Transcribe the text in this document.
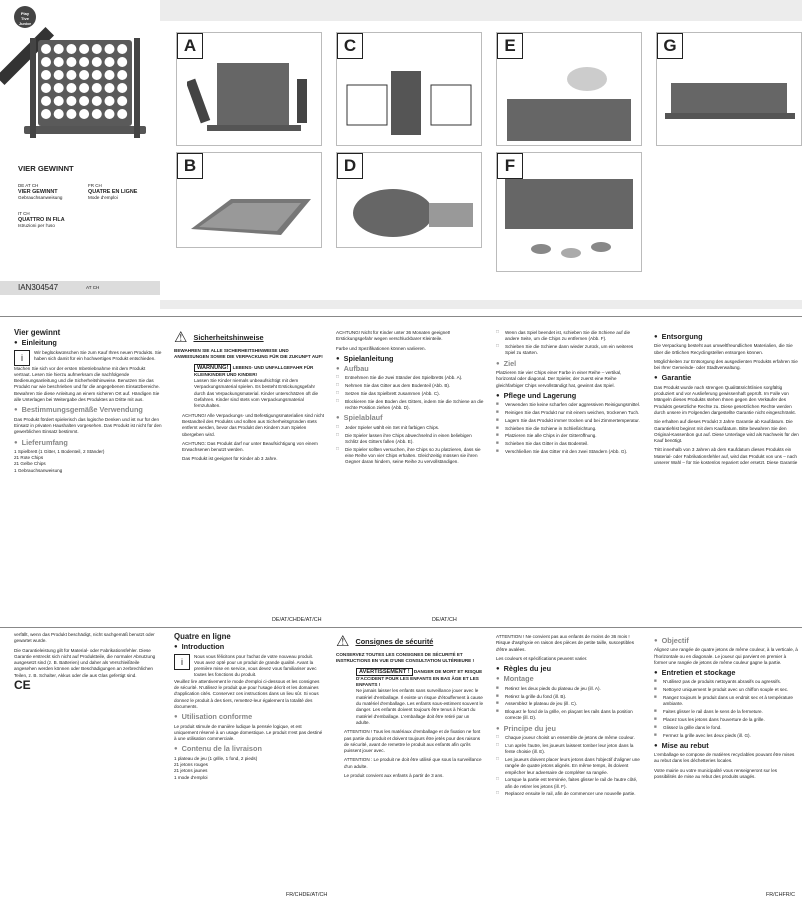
Play
Tive
Junior
VIER GEWINNT
DE AT CH
VIER GEWINNT
Gebrauchsanweisung
FR CH
QUATRE EN LIGNE
Mode d'emploi
IT CH
QUATTRO IN FILA
Istruzioni per l'uso
IAN304547	AT CH
A
B
C
D
E
F
G
Vier gewinnt
● Einleitung
i
Wir beglückwünschen Sie zum Kauf Ihres neuen Produkts. Sie haben sich damit für ein hochwertiges Produkt entschieden.

Machen Sie sich vor der ersten Inbetriebnahme mit dem Produkt vertraut. Lesen Sie hierzu aufmerksam die nachfolgende Bedienungsanleitung und die Sicherheitshinweise. Benutzen Sie das Produkt nur wie beschrieben und für die angegebenen Einsatzbereiche. Bewahren Sie diese Anleitung an einem sicheren Ort auf. Händigen Sie alle Unterlagen bei Weitergabe des Produktes an Dritte mit aus.

● Bestimmungsgemäße Verwendung

Das Produkt fördert spielerisch das logische Denken und ist nur für den Einsatz in privaten Haushalten vorgesehen. Das Produkt ist nicht für den gewerblichen Einsatz bestimmt.

● Lieferumfang
1 Spielbrett (1 Gitter, 1 Bodenteil, 2 Ständer)
21 Rote Chips
21 Gelbe Chips
1 Gebrauchsanweisung
⚠ Sicherheitshinweise

BEWAHREN SIE ALLE SICHERHEITSHINWEISE UND ANWEISUNGEN SOWIE DIE VERPACKUNG FÜR DIE ZUKUNFT AUF!

WARNUNG! LEBENS- UND UNFALLGEFAHR FÜR KLEINKINDER UND KINDER!

Lassen Sie Kinder niemals unbeaufsichtigt mit dem Verpackungsmaterial spielen. Es besteht Erstickungsgefahr durch das Verpackungsmaterial. Kinder unterschätzen oft die Gefahren. Kinder sind stets vom Verpackungsmaterial fernzuhalten.

ACHTUNG! Alle Verpackungs- und Befestigungsmaterialien sind nicht Bestandteil des Produkts und sollten aus Sicherheitsgründen stets entfernt werden, bevor das Produkt den Kindern zum Spielen übergeben wird.

ACHTUNG: Das Produkt darf nur unter Beaufsichtigung von einem Erwachsenen benutzt werden.

Das Produkt ist geeignet für Kinder ab 3 Jahre.

ACHTUNG! Nicht für Kinder unter 36 Monaten geeignet! Erstickungsgefahr wegen verschluckbarer Kleinteile.

Farbe und Spezifikationen können variieren.

● Spielanleitung
● Aufbau
□ Entnehmen Sie die zwei Ständer des Spielbretts (Abb. A).
□ Nehmen Sie das Gitter aus dem Bodenteil (Abb. B).
□ Setzen Sie das Spielbrett zusammen (Abb. C).
□ Blockieren Sie den Boden des Gitters, indem Sie die Schiene an die rechte Position ziehen (Abb. D).
● Spielablauf
□ Jeder Spieler wählt ein Set mit farbigen Chips.
□ Die Spieler lassen ihre Chips abwechselnd in einen beliebigen Schlitz des Gitters fallen (Abb. E).
□ Die Spieler sollten versuchen, ihre Chips so zu platzieren, dass sie eine Reihe von vier Chips erhalten. Gleichzeitig müssen sie ihren Gegner daran hindern, seine Reihe zu vervollständigen.
□ Wenn das Spiel beendet ist, schieben Sie die Schiene auf die andere Seite, um die Chips zu entfernen (Abb. F).
□ Schieben Sie die Schiene dann wieder zurück, um ein weiteres Spiel zu starten.
● Ziel

Platzieren Sie vier Chips einer Farbe in einer Reihe – vertikal, horizontal oder diagonal. Der Spieler, der zuerst eine Reihe gleichfarbiger Chips vervollständigt hat, gewinnt das Spiel.

● Pflege und Lagerung
■ Verwenden Sie keine scharfen oder aggressiven Reinigungsmittel.
■ Reinigen Sie das Produkt nur mit einem weichen, trockenen Tuch.
■ Lagern Sie das Produkt immer trocken und bei Zimmertemperatur.
■ Schieben Sie die Schiene in Schließrichtung.
■ Platzieren Sie alle Chips in der Gitteröffnung.
■ Schieben Sie das Gitter in das Bodenteil.
■ Verschließen Sie das Gitter mit den zwei Ständern (Abb. G).
● Entsorgung

Die Verpackung besteht aus umweltfreundlichen Materialien, die Sie über die örtlichen Recyclingstellen entsorgen können.

Möglichkeiten zur Entsorgung des ausgedienten Produkts erfahren Sie bei Ihrer Gemeinde- oder Stadtverwaltung.

● Garantie

Das Produkt wurde nach strengen Qualitätsrichtlinien sorgfältig produziert und vor Auslieferung gewissenhaft geprüft. Im Falle von Mängeln dieses Produkts stehen Ihnen gegen den Verkäufer des Produkts gesetzliche Rechte zu. Diese gesetzlichen Rechte werden durch unsere im Folgenden dargestellte Garantie nicht eingeschränkt.

Sie erhalten auf dieses Produkt 3 Jahre Garantie ab Kaufdatum. Die Garantiefrist beginnt mit dem Kaufdatum. Bitte bewahren Sie den Original-Kassenbon gut auf. Diese Unterlage wird als Nachweis für den Kauf benötigt.

Tritt innerhalb von 3 Jahren ab dem Kaufdatum dieses Produkts ein Material- oder Fabrikationsfehler auf, wird das Produkt von uns – nach unserer Wahl – für Sie kostenlos repariert oder ersetzt. Diese Garantie

DE/AT/CHDE/AT/CH	DE/AT/CH

verfällt, wenn das Produkt beschädigt, nicht sachgemäß benutzt oder gewartet wurde.

Die Garantieleistung gilt für Material- oder Fabrikationsfehler. Diese Garantie erstreckt sich nicht auf Produktteile, die normaler Abnutzung ausgesetzt sind (z. B. Batterien) und daher als Verschleißteile angesehen werden können oder Beschädigungen an zerbrechlichen Teilen, z. B. Schalter, Akkus oder die aus Glas gefertigt sind.

CE
Quatre en ligne
● Introduction
i
Nous vous félicitons pour l'achat de votre nouveau produit. Vous avez opté pour un produit de grande qualité. Avant la première mise en service, vous devez vous familiariser avec toutes les fonctions du produit.

Veuillez lire attentivement le mode d'emploi ci-dessous et les consignes de sécurité. N'utilisez le produit que pour l'usage décrit et les domaines d'application cités. Conservez ces instructions dans un lieu sûr. Si vous donnez le produit à des tiers, remettez-leur également la totalité des documents.

● Utilisation conforme

Le produit stimule de manière ludique la pensée logique, et est uniquement réservé à un usage domestique. Le produit n'est pas destiné à une utilisation commerciale.

● Contenu de la livraison
1 plateau de jeu (1 grille, 1 fond, 2 pieds)
21 jetons rouges
21 jetons jaunes
1 mode d'emploi
⚠ Consignes de sécurité

CONSERVEZ TOUTES LES CONSIGNES DE SÉCURITÉ ET INSTRUCTIONS EN VUE D'UNE CONSULTATION ULTÉRIEURE !

AVERTISSEMENT ! DANGER DE MORT ET RISQUE D'ACCIDENT POUR LES ENFANTS EN BAS ÂGE ET LES ENFANTS !

Ne jamais laisser les enfants sans surveillance jouer avec le matériel d'emballage. Il existe un risque d'étouffement à cause du matériel d'emballage. Les enfants sous-estiment souvent le danger. Les enfants doivent toujours être tenus à l'écart du matériel d'emballage. L'emballage doit être retiré par un adulte.

ATTENTION ! Tous les matériaux d'emballage et de fixation ne font pas partie du produit et doivent toujours être jetés pour des raisons de sécurité, avant de remettre le produit aux enfants afin qu'ils puissent jouer avec.

ATTENTION : Le produit ne doit être utilisé que sous la surveillance d'un adulte.

Le produit convient aux enfants à partir de 3 ans.

ATTENTION ! Ne convient pas aux enfants de moins de 36 mois ! Risque d'asphyxie en raison des pièces de petite taille, susceptibles d'être avalées.

Les couleurs et spécifications peuvent varier.

● Règles du jeu
● Montage
■ Retirez les deux pieds du plateau de jeu (ill. A).
■ Retirez la grille du fond (ill. B).
■ Assemblez le plateau de jeu (ill. C).
■ Bloquez le fond de la grille, en plaçant les rails dans la position correcte (ill. D).
● Principe du jeu
□ Chaque joueur choisit un ensemble de jetons de même couleur.
□ L'un après l'autre, les joueurs laissent tomber leur jeton dans la fente choisie (ill. E).
□ Les joueurs doivent placer leurs jetons dans l'objectif d'aligner une rangée de quatre jetons alignés. En même temps, ils doivent empêcher leur adversaire de compléter sa rangée.
□ Lorsque la partie est terminée, faites glisser le rail de l'autre côté, afin de retirer les jetons (ill. F).
□ Replacez ensuite le rail, afin de commencer une nouvelle partie.
● Objectif

Alignez une rangée de quatre jetons de même couleur, à la verticale, à l'horizontale ou en diagonale. Le joueur qui parvient en premier à former une rangée de jetons de même couleur gagne la partie.

● Entretien et stockage
■ N'utilisez pas de produits nettoyants abrasifs ou agressifs.
■ Nettoyez uniquement le produit avec un chiffon souple et sec.
■ Rangez toujours le produit dans un endroit sec et à température ambiante.
■ Faites glisser le rail dans le sens de la fermeture.
■ Placez tous les jetons dans l'ouverture de la grille.
■ Glissez la grille dans le fond.
■ Fermez la grille avec les deux pieds (ill. G).
● Mise au rebut

L'emballage se compose de matières recyclables pouvant être mises au rebut dans les déchetteries locales.

Votre mairie ou votre municipalité vous renseigneront sur les possibilités de mise au rebut des produits usagés.

FR/CHDE/AT/CH	FR/CHFR/C
